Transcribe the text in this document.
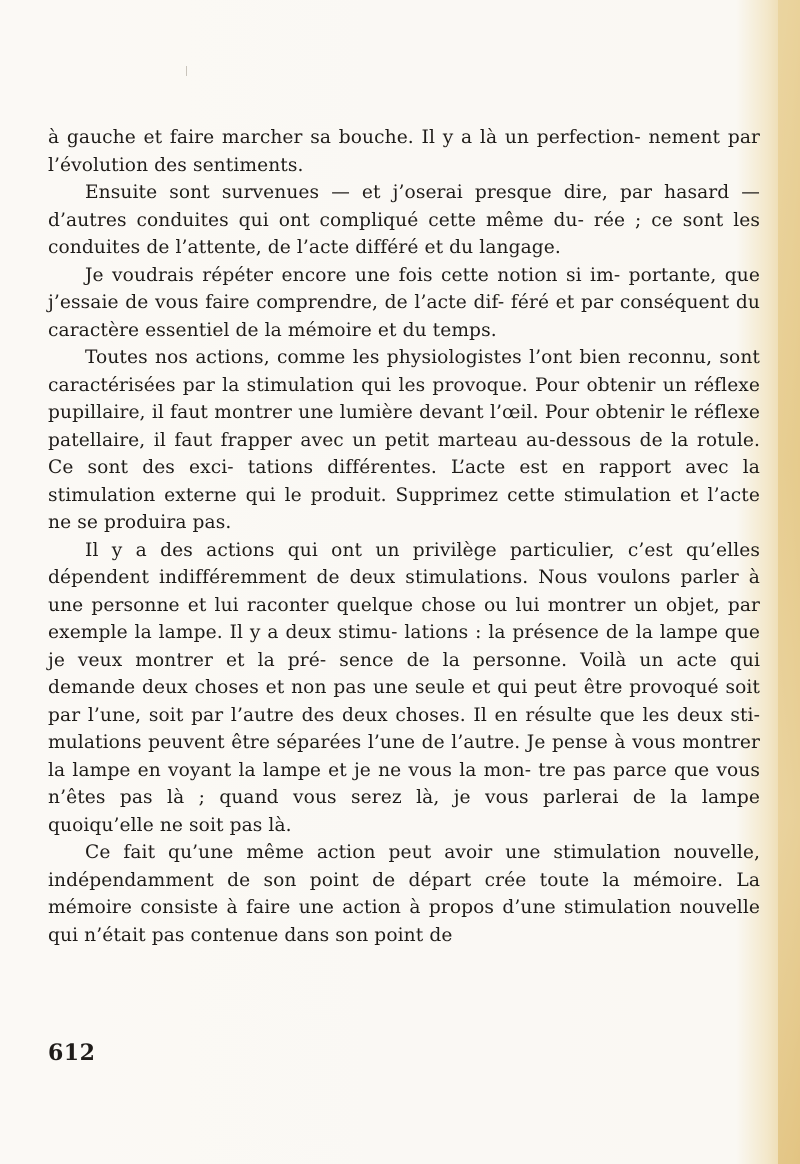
à gauche et faire marcher sa bouche. Il y a là un perfection- nement par l’évolution des sentiments.

Ensuite sont survenues — et j’oserai presque dire, par hasard — d’autres conduites qui ont compliqué cette même du- rée ; ce sont les conduites de l’attente, de l’acte différé et du langage.

Je voudrais répéter encore une fois cette notion si im- portante, que j’essaie de vous faire comprendre, de l’acte dif- féré et par conséquent du caractère essentiel de la mémoire et du temps.

Toutes nos actions, comme les physiologistes l’ont bien reconnu, sont caractérisées par la stimulation qui les provoque. Pour obtenir un réflexe pupillaire, il faut montrer une lumière devant l’œil. Pour obtenir le réflexe patellaire, il faut frapper avec un petit marteau au-dessous de la rotule. Ce sont des exci- tations différentes. L’acte est en rapport avec la stimulation externe qui le produit. Supprimez cette stimulation et l’acte ne se produira pas.

Il y a des actions qui ont un privilège particulier, c’est qu’elles dépendent indifféremment de deux stimulations. Nous voulons parler à une personne et lui raconter quelque chose ou lui montrer un objet, par exemple la lampe. Il y a deux stimu- lations : la présence de la lampe que je veux montrer et la pré- sence de la personne. Voilà un acte qui demande deux choses et non pas une seule et qui peut être provoqué soit par l’une, soit par l’autre des deux choses. Il en résulte que les deux sti- mulations peuvent être séparées l’une de l’autre. Je pense à vous montrer la lampe en voyant la lampe et je ne vous la mon- tre pas parce que vous n’êtes pas là ; quand vous serez là, je vous parlerai de la lampe quoiqu’elle ne soit pas là.

Ce fait qu’une même action peut avoir une stimulation nouvelle, indépendamment de son point de départ crée toute la mémoire. La mémoire consiste à faire une action à propos d’une stimulation nouvelle qui n’était pas contenue dans son point de

612
